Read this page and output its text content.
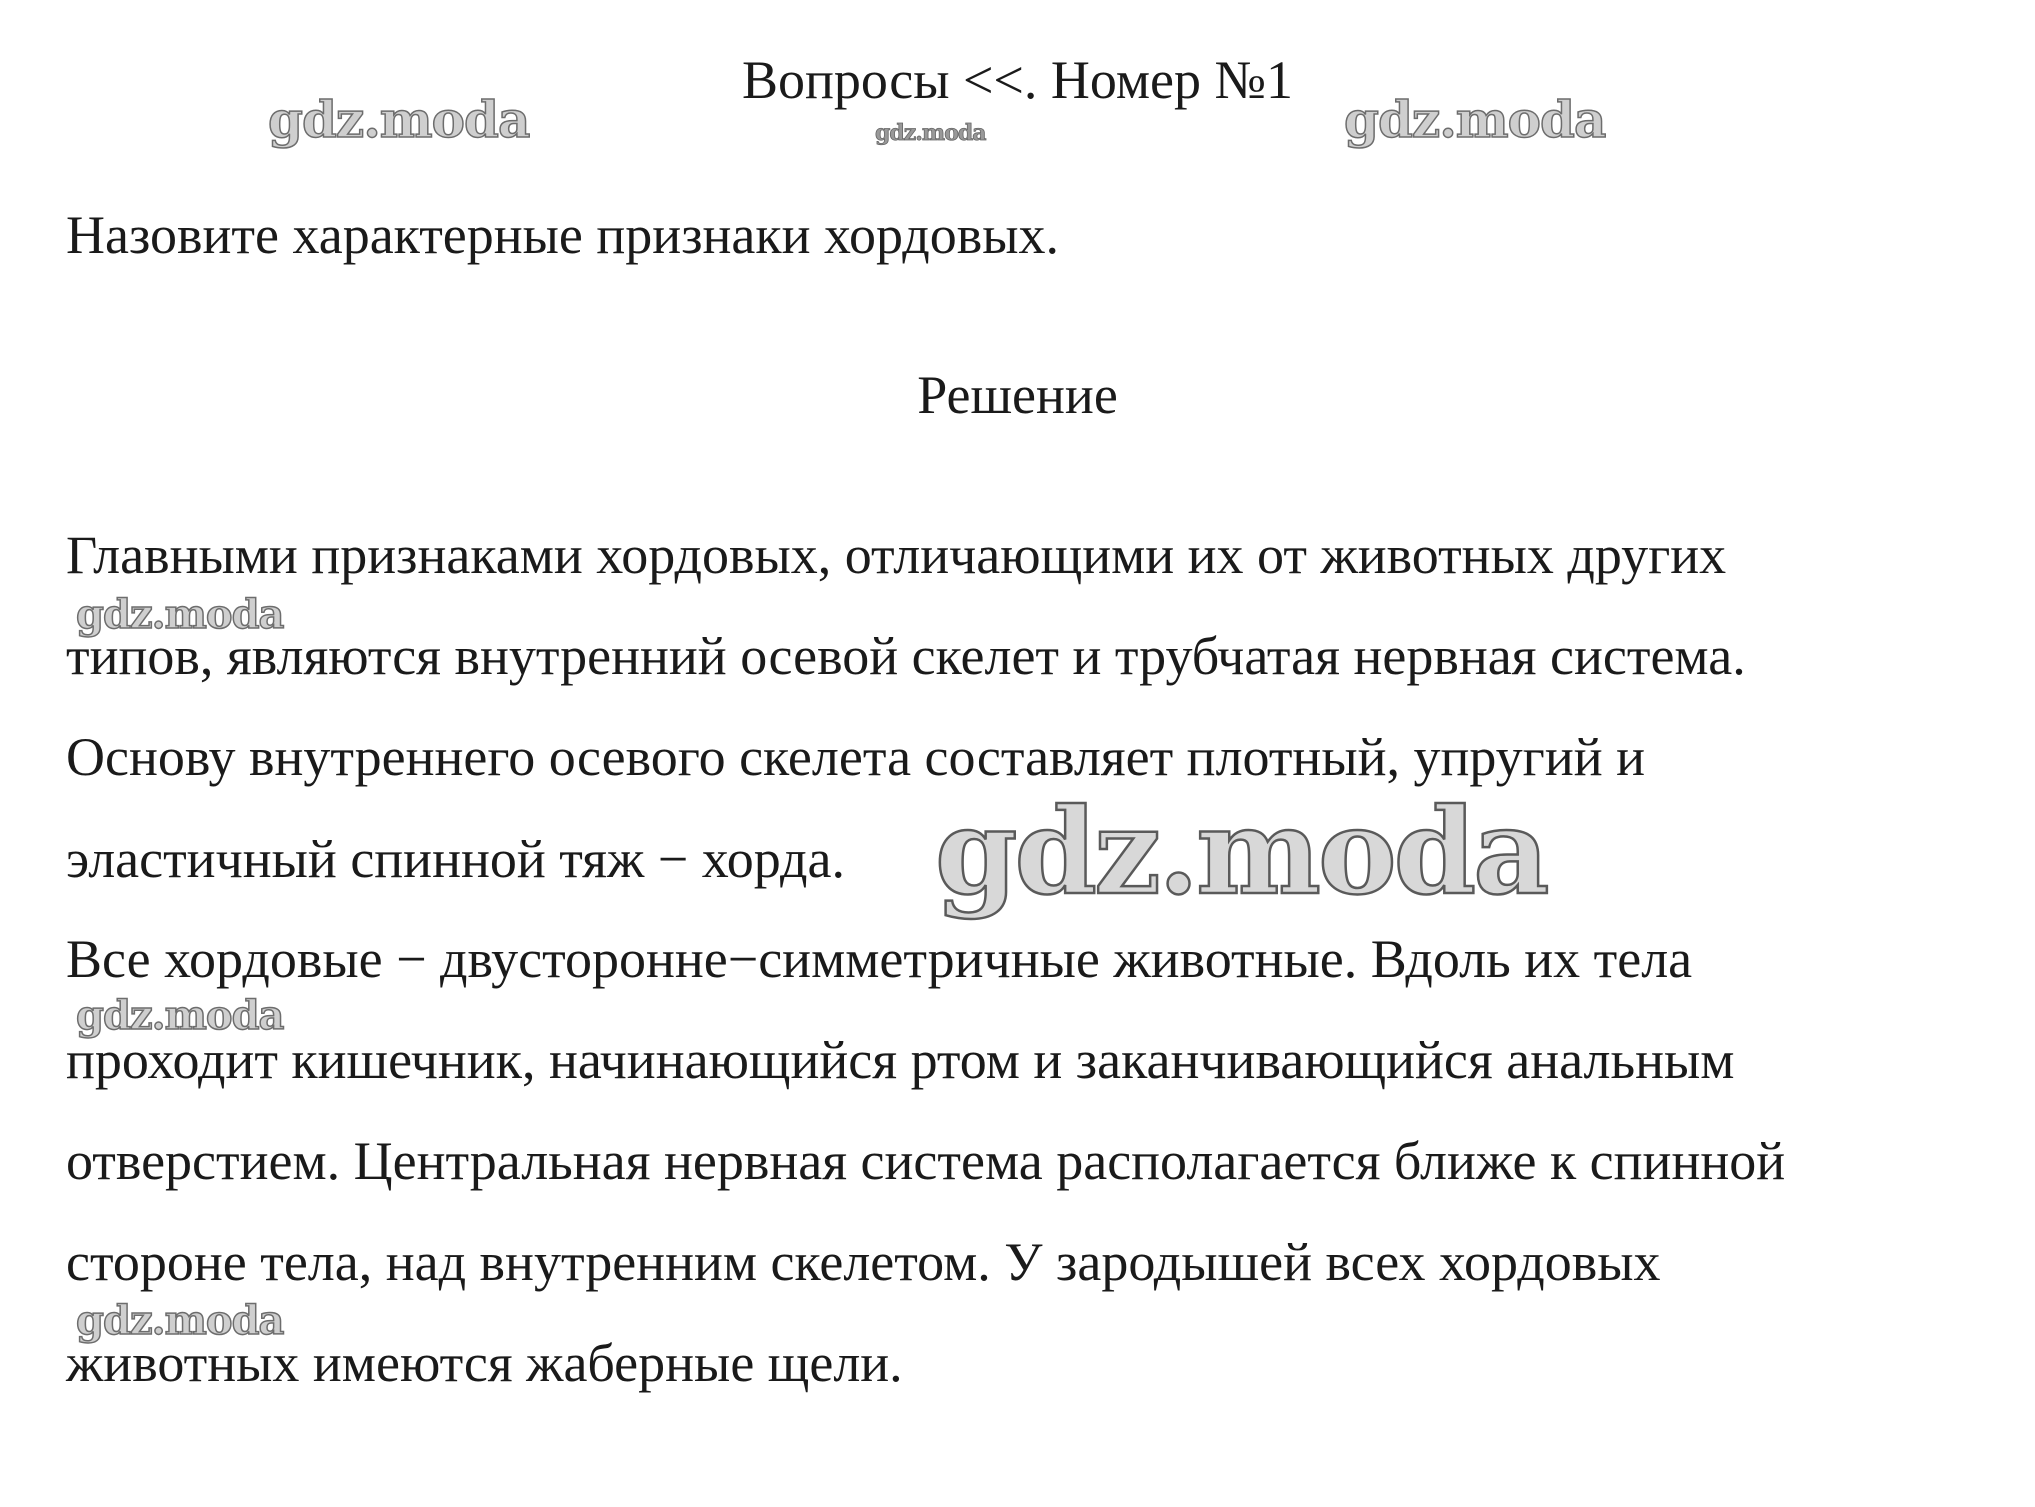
Вопросы <<. Номер №1
Назовите характерные признаки хордовых.
Решение
Главными признаками хордовых, отличающими их от животных других
типов, являются внутренний осевой скелет и трубчатая нервная система.
Основу внутреннего осевого скелета составляет плотный, упругий и
эластичный спинной тяж − хорда.
Все хордовые − двусторонне−симметричные животные. Вдоль их тела
проходит кишечник, начинающийся ртом и заканчивающийся анальным
отверстием. Центральная нервная система располагается ближе к спинной
стороне тела, над внутренним скелетом. У зародышей всех хордовых
животных имеются жаберные щели.
gdz.moda	gdz.moda	gdz.moda
gdz.moda
gdz.moda
gdz.moda
gdz.moda
